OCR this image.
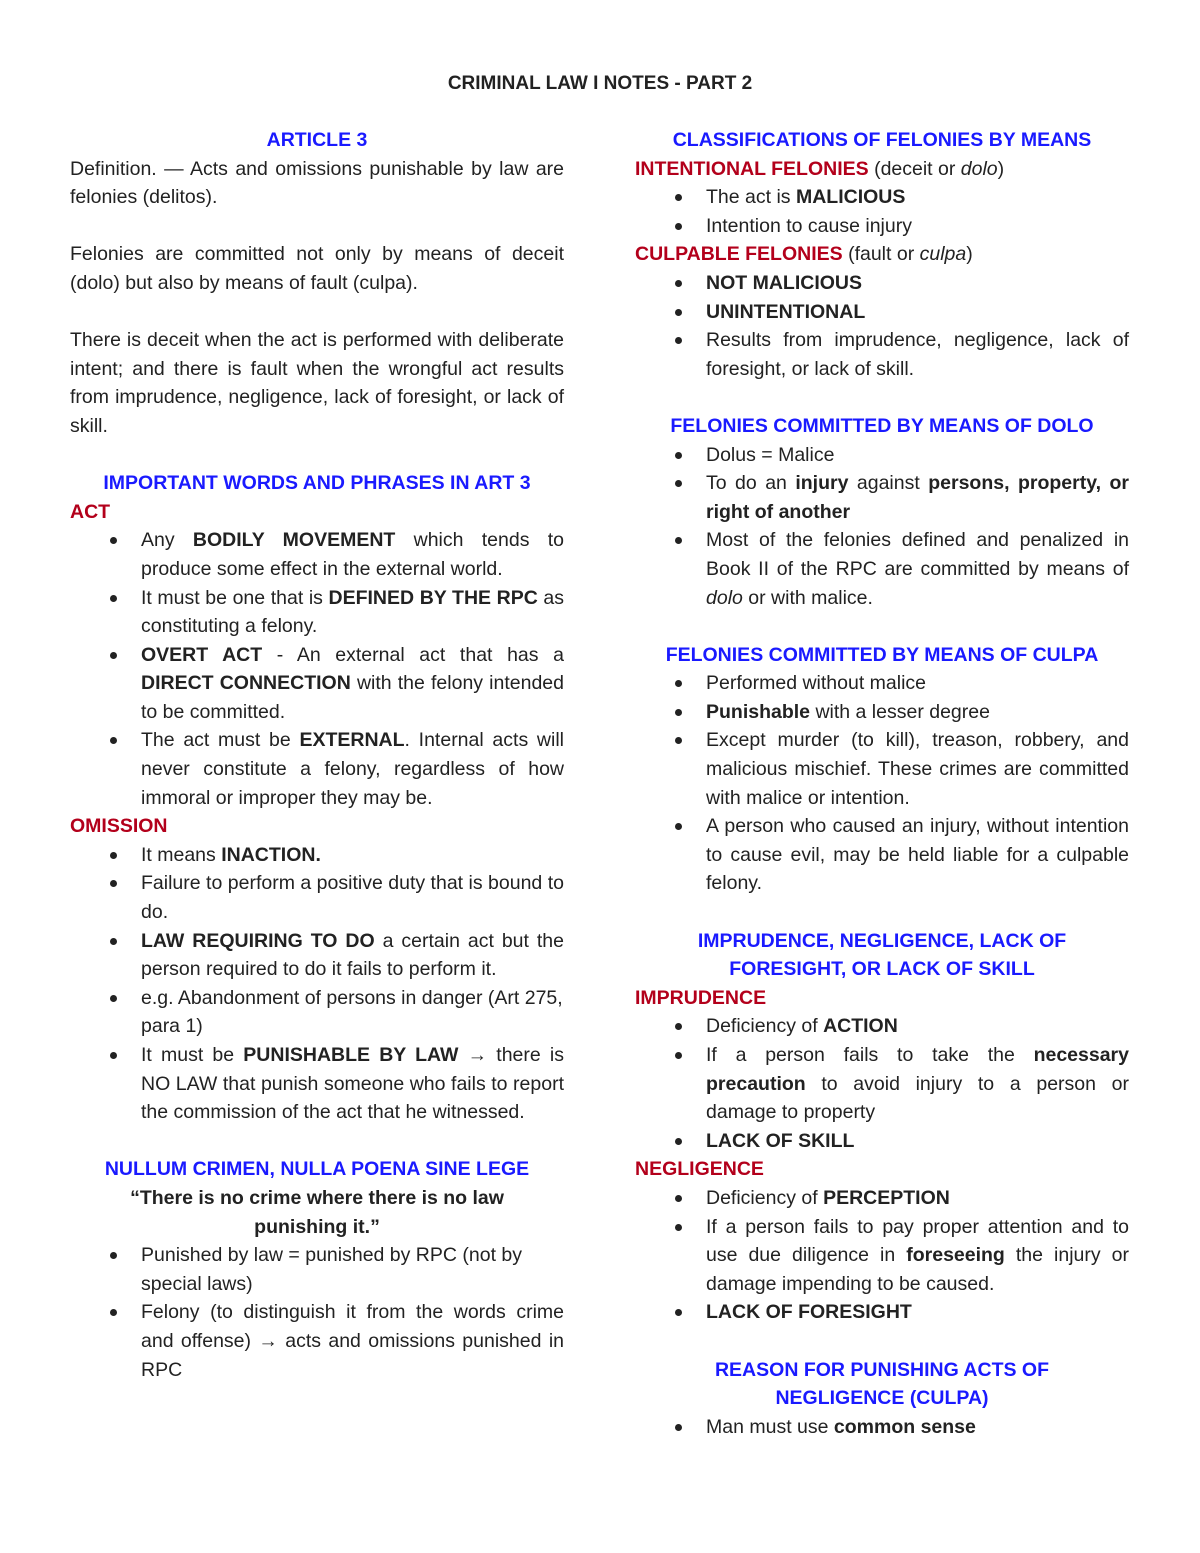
CRIMINAL LAW I NOTES - PART 2

ARTICLE 3

Definition. — Acts and omissions punishable by law are felonies (delitos).

Felonies are committed not only by means of deceit (dolo) but also by means of fault (culpa).

There is deceit when the act is performed with deliberate intent; and there is fault when the wrongful act results from imprudence, negligence, lack of foresight, or lack of skill.

IMPORTANT WORDS AND PHRASES IN ART 3

ACT

Any BODILY MOVEMENT which tends to produce some effect in the external world.
It must be one that is DEFINED BY THE RPC as constituting a felony.
OVERT ACT - An external act that has a DIRECT CONNECTION with the felony intended to be committed.
The act must be EXTERNAL. Internal acts will never constitute a felony, regardless of how immoral or improper they may be.

OMISSION

It means INACTION.
Failure to perform a positive duty that is bound to do.
LAW REQUIRING TO DO a certain act but the person required to do it fails to perform it.
e.g. Abandonment of persons in danger (Art 275, para 1)
It must be PUNISHABLE BY LAW → there is NO LAW that punish someone who fails to report the commission of the act that he witnessed.

NULLUM CRIMEN, NULLA POENA SINE LEGE

“There is no crime where there is no law punishing it.”

Punished by law = punished by RPC (not by special laws)
Felony (to distinguish it from the words crime and offense) → acts and omissions punished in RPC

CLASSIFICATIONS OF FELONIES BY MEANS

INTENTIONAL FELONIES (deceit or dolo)

The act is MALICIOUS
Intention to cause injury

CULPABLE FELONIES (fault or culpa)

NOT MALICIOUS
UNINTENTIONAL
Results from imprudence, negligence, lack of foresight, or lack of skill.

FELONIES COMMITTED BY MEANS OF DOLO

Dolus = Malice
To do an injury against persons, property, or right of another
Most of the felonies defined and penalized in Book II of the RPC are committed by means of dolo or with malice.

FELONIES COMMITTED BY MEANS OF CULPA

Performed without malice
Punishable with a lesser degree
Except murder (to kill), treason, robbery, and malicious mischief. These crimes are committed with malice or intention.
A person who caused an injury, without intention to cause evil, may be held liable for a culpable felony.

IMPRUDENCE, NEGLIGENCE, LACK OF

FORESIGHT, OR LACK OF SKILL

IMPRUDENCE

Deficiency of ACTION
If a person fails to take the necessary precaution to avoid injury to a person or damage to property
LACK OF SKILL

NEGLIGENCE

Deficiency of PERCEPTION
If a person fails to pay proper attention and to use due diligence in foreseeing the injury or damage impending to be caused.
LACK OF FORESIGHT

REASON FOR PUNISHING ACTS OF

NEGLIGENCE (CULPA)

Man must use common sense
